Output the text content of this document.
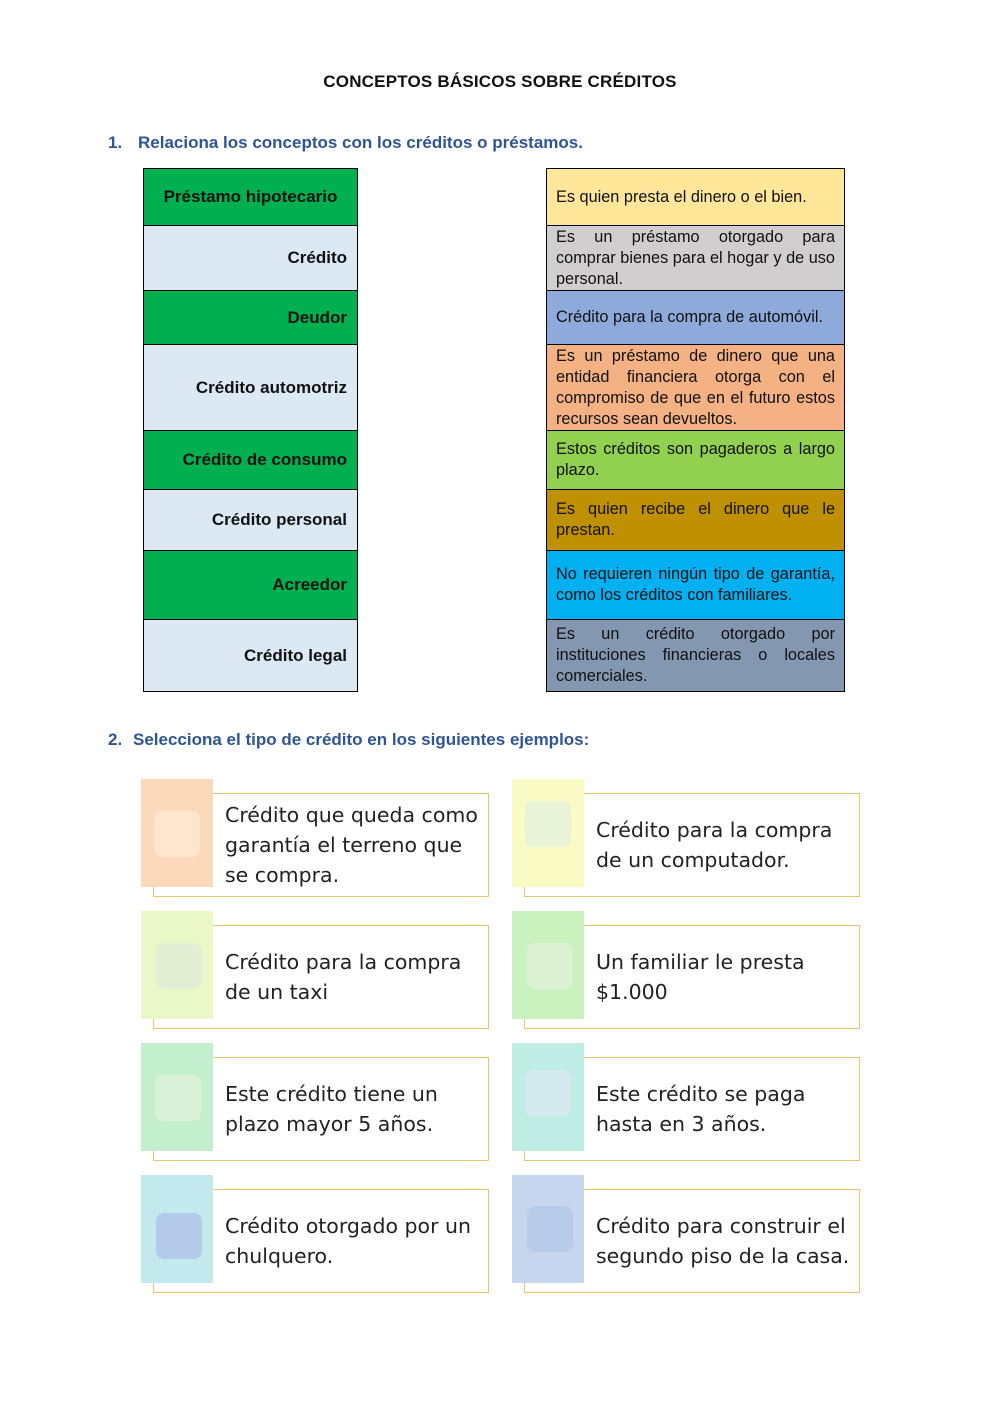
CONCEPTOS BÁSICOS SOBRE CRÉDITOS
1. Relaciona los conceptos con los créditos o préstamos.
Préstamo hipotecario
Crédito
Deudor
Crédito automotriz
Crédito de consumo
Crédito personal
Acreedor
Crédito legal
Es quien presta el dinero o el bien.
Es un préstamo otorgado para comprar bienes para el hogar y de uso personal.
Crédito para la compra de automóvil.
Es un préstamo de dinero que una entidad financiera otorga con el compromiso de que en el futuro estos recursos sean devueltos.
Estos créditos son pagaderos a largo plazo.
Es quien recibe el dinero que le prestan.
No requieren ningún tipo de garantía, como los créditos con familiares.
Es un crédito otorgado por instituciones financieras o locales comerciales.
2. Selecciona el tipo de crédito en los siguientes ejemplos:
Crédito que queda como garantía el terreno que se compra.
Crédito para la compra de un computador.
Crédito para la compra de un taxi
Un familiar le presta $1.000
Este crédito tiene un plazo mayor 5 años.
Este crédito se paga hasta en 3 años.
Crédito otorgado por un chulquero.
Crédito para construir el segundo piso de la casa.
